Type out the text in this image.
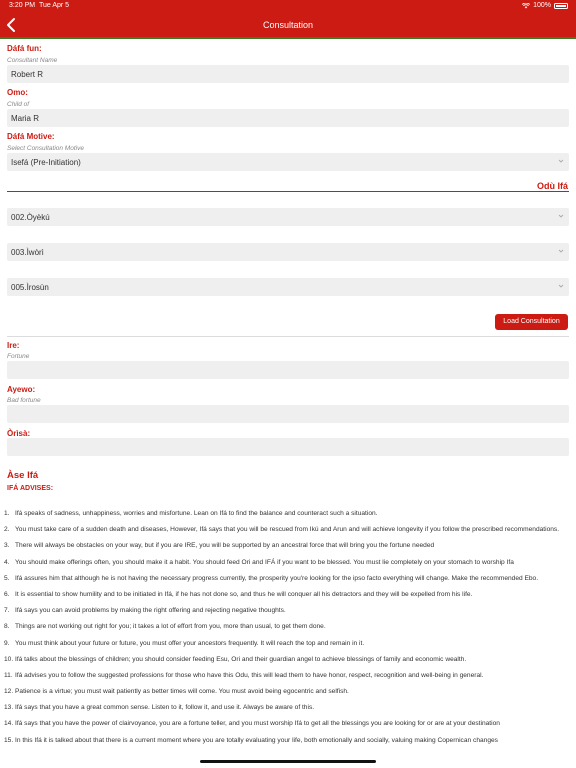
3:20 PM Tue Apr 5	100%
Consultation
Dáfá fun:
Consultant Name
Robert R
Omo:
Child of
Maria R
Dáfá Motive:
Select Consultation Motive
Isefá (Pre-Initiation)
Odù Ifá
002.Òyèkú
003.Ìwòrì
005.Ìrosùn
Load Consultation
Ire:
Fortune
Ayewo:
Bad fortune
Òrìsà:
Àse Ifá
IFÁ ADVISES:
1. Ifá speaks of sadness, unhappiness, worries and misfortune. Lean on Ifá to find the balance and counteract such a situation.
2. You must take care of a sudden death and diseases, However, Ifá says that you will be rescued from Ikú and Arun and will achieve longevity if you follow the prescribed recommendations.
3. There will always be obstacles on your way, but if you are IRE, you will be supported by an ancestral force that will bring you the fortune needed
4. You should make offerings often, you should make it a habit. You should feed Ori and IFÁ if you want to be blessed. You must lie completely on your stomach to worship Ifa
5. Ifá assures him that although he is not having the necessary progress currently, the prosperity you're looking for the ipso facto everything will change. Make the recommended Ebo.
6. It is essential to show humility and to be initiated in Ifá, if he has not done so, and thus he will conquer all his detractors and they will be expelled from his life.
7. Ifá says you can avoid problems by making the right offering and rejecting negative thoughts.
8. Things are not working out right for you; it takes a lot of effort from you, more than usual, to get them done.
9. You must think about your future or future, you must offer your ancestors frequently. It will reach the top and remain in it.
10. Ifá talks about the blessings of children; you should consider feeding Esu, Ori and their guardian angel to achieve blessings of family and economic wealth.
11. Ifá advises you to follow the suggested professions for those who have this Odu, this will lead them to have honor, respect, recognition and well-being in general.
12. Patience is a virtue; you must wait patiently as better times will come. You must avoid being egocentric and selfish.
13. Ifá says that you have a great common sense. Listen to it, follow it, and use it. Always be aware of this.
14. Ifá says that you have the power of clairvoyance, you are a fortune teller, and you must worship Ifá to get all the blessings you are looking for or are at your destination
15. In this Ifá it is talked about that there is a current moment where you are totally evaluating your life, both emotionally and socially, valuing making Copernican changes
